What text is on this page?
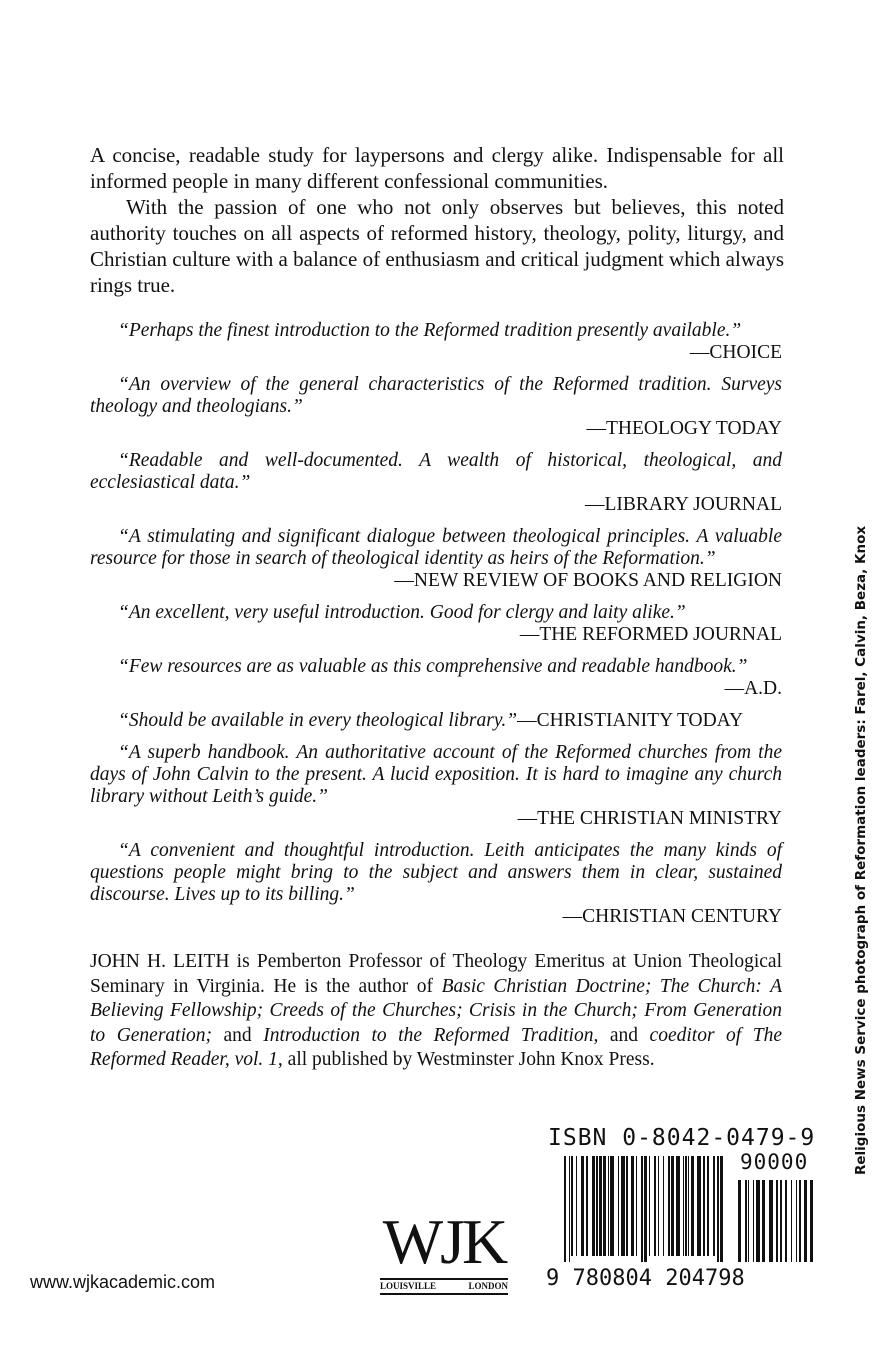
A concise, readable study for laypersons and clergy alike. Indispensable for all informed people in many different confessional communities.

With the passion of one who not only observes but believes, this noted authority touches on all aspects of reformed history, theology, polity, liturgy, and Christian culture with a balance of enthusiasm and critical judgment which always rings true.

“Perhaps the finest introduction to the Reformed tradition presently available.”
—CHOICE
“An overview of the general characteristics of the Reformed tradition. Surveys theology and theologians.”
—THEOLOGY TODAY
“Readable and well-documented. A wealth of historical, theological, and ecclesiastical data.”
—LIBRARY JOURNAL
“A stimulating and significant dialogue between theological principles. A valuable resource for those in search of theological identity as heirs of the Reformation.”
—NEW REVIEW OF BOOKS AND RELIGION
“An excellent, very useful introduction. Good for clergy and laity alike.”
—THE REFORMED JOURNAL
“Few resources are as valuable as this comprehensive and readable handbook.”
—A.D.
“Should be available in every theological library.”—CHRISTIANITY TODAY
“A superb handbook. An authoritative account of the Reformed churches from the days of John Calvin to the present. A lucid exposition. It is hard to imagine any church library without Leith’s guide.”
—THE CHRISTIAN MINISTRY
“A convenient and thoughtful introduction. Leith anticipates the many kinds of questions people might bring to the subject and answers them in clear, sustained discourse. Lives up to its billing.”
—CHRISTIAN CENTURY
JOHN H. LEITH is Pemberton Professor of Theology Emeritus at Union Theological Seminary in Virginia. He is the author of Basic Christian Doctrine; The Church: A Believing Fellowship; Creeds of the Churches; Crisis in the Church; From Generation to Generation; and Introduction to the Reformed Tradition, and coeditor of The Reformed Reader, vol. 1, all published by Westminster John Knox Press.
www.wjkacademic.com
WJK
LOUISVILLE	LONDON
ISBN 0-8042-0479-9
90000
9 780804 204798
Religious News Service photograph of Reformation leaders: Farel, Calvin, Beza, Knox
